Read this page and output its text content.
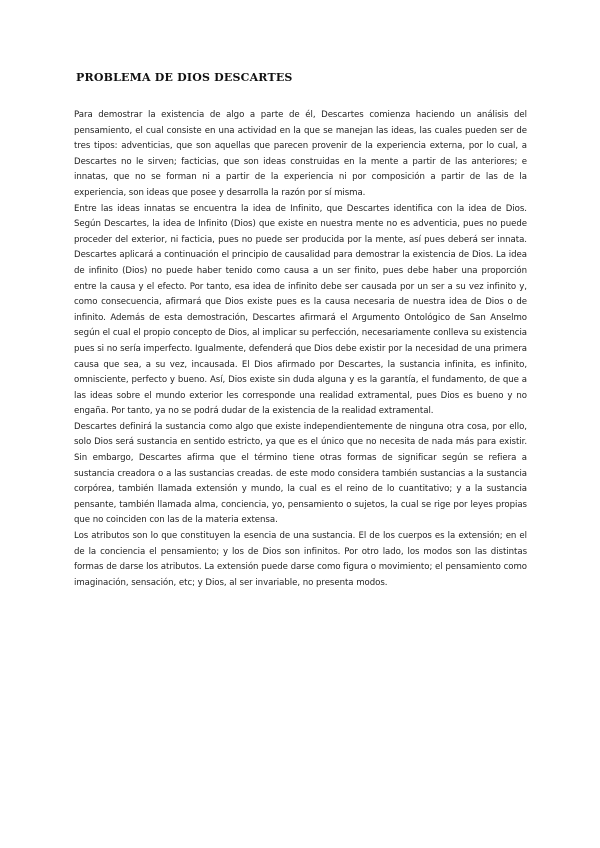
PROBLEMA DE DIOS DESCARTES

Para demostrar la existencia de algo a parte de él, Descartes comienza haciendo un análisis del pensamiento, el cual consiste en una actividad en la que se manejan las ideas, las cuales pueden ser de tres tipos: adventicias, que son aquellas que parecen provenir de la experiencia externa, por lo cual, a Descartes no le sirven; facticias, que son ideas construidas en la mente a partir de las anteriores; e innatas, que no se forman ni a partir de la experiencia ni por composición a partir de las de la experiencia, son ideas que posee y desarrolla la razón por sí misma.

Entre las ideas innatas se encuentra la idea de Infinito, que Descartes identifica con la idea de Dios. Según Descartes, la idea de Infinito (Dios) que existe en nuestra mente no es adventicia, pues no puede proceder del exterior, ni facticia, pues no puede ser producida por la mente, así pues deberá ser innata. Descartes aplicará a continuación el principio de causalidad para demostrar la existencia de Dios. La idea de infinito (Dios) no puede haber tenido como causa a un ser finito, pues debe haber una proporción entre la causa y el efecto. Por tanto, esa idea de infinito debe ser causada por un ser a su vez infinito y, como consecuencia, afirmará que Dios existe pues es la causa necesaria de nuestra idea de Dios o de infinito. Además de esta demostración, Descartes afirmará el Argumento Ontológico de San Anselmo según el cual el propio concepto de Dios, al implicar su perfección, necesariamente conlleva su existencia pues si no sería imperfecto. Igualmente, defenderá que Dios debe existir por la necesidad de una primera causa que sea, a su vez, incausada. El Dios afirmado por Descartes, la sustancia infinita, es infinito, omnisciente, perfecto y bueno. Así, Dios existe sin duda alguna y es la garantía, el fundamento, de que a las ideas sobre el mundo exterior les corresponde una realidad extramental, pues Dios es bueno y no engaña. Por tanto, ya no se podrá dudar de la existencia de la realidad extramental.

Descartes definirá la sustancia como algo que existe independientemente de ninguna otra cosa, por ello, solo Dios será sustancia en sentido estricto, ya que es el único que no necesita de nada más para existir. Sin embargo, Descartes afirma que el término tiene otras formas de significar según se refiera a sustancia creadora o a las sustancias creadas. de este modo considera también sustancias a la sustancia corpórea, también llamada extensión y mundo, la cual es el reino de lo cuantitativo; y a la sustancia pensante, también llamada alma, conciencia, yo, pensamiento o sujetos, la cual se rige por leyes propias que no coinciden con las de la materia extensa.

Los atributos son lo que constituyen la esencia de una sustancia. El de los cuerpos es la extensión; en el de la conciencia el pensamiento; y los de Dios son infinitos. Por otro lado, los modos son las distintas formas de darse los atributos. La extensión puede darse como figura o movimiento; el pensamiento como imaginación, sensación, etc; y Dios, al ser invariable, no presenta modos.
